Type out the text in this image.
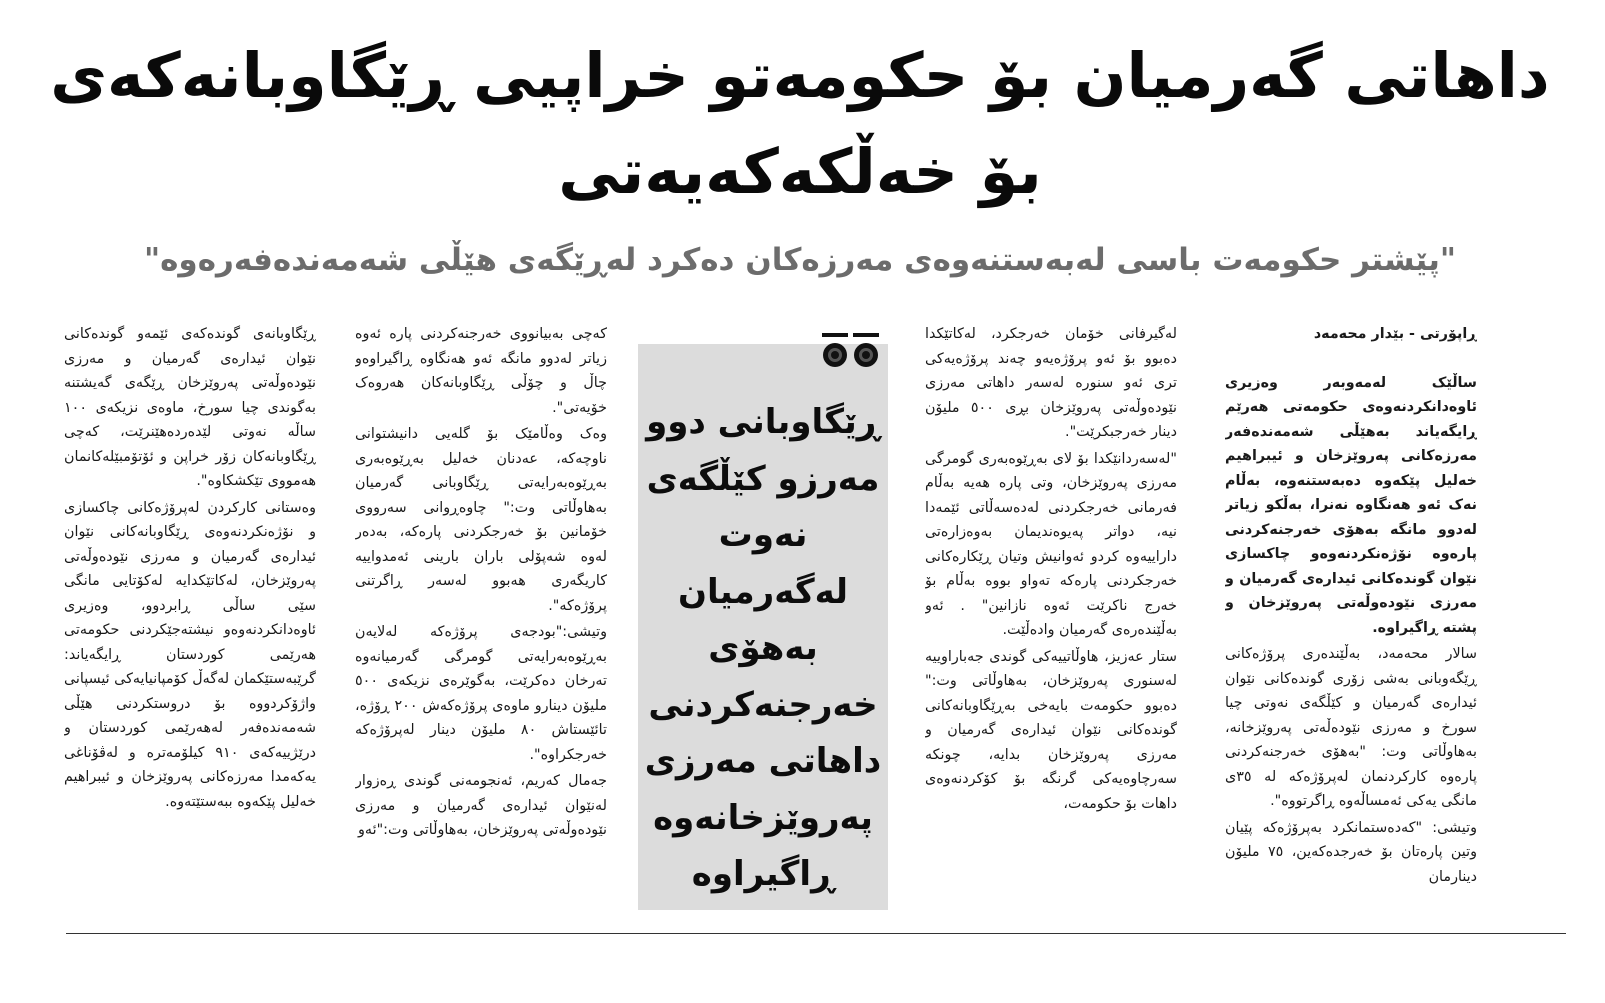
داهاتی گەرمیان بۆ حکومەتو خراپیی ڕێگاوبانەکەی بۆ خەڵکەکەیەتی
"پێشتر حکومەت باسی لەبەستنەوەی مەرزەکان دەکرد لەڕێگەی هێڵی شەمەندەفەرەوە"
ڕاپۆرتی - بێدار محەمەد

ساڵێک لەمەوبەر وەزیری ئاوەدانکردنەوەی حکومەتی هەرێم ڕایگەیاند بەهێڵی شەمەندەفەر مەرزەکانی پەروێزخان و ئیبراهیم خەلیل پێکەوە دەبەستنەوە، بەڵام نەک ئەو هەنگاوە نەنرا، بەڵکو زیاتر لەدوو مانگە بەهۆی خەرجنەکردنی پارەوە نۆژەنکردنەوەو چاکسازی نێوان گوندەکانی ئیدارەی گەرمیان و مەرزی نێودەوڵەتی پەروێزخان و پشتە ڕاگیراوە.

سالار محەمەد، بەڵێندەری پرۆژەکانی ڕێگەوبانی بەشی زۆری گوندەکانی نێوان ئیدارەی گەرمیان و کێڵگەی نەوتی چیا سورخ و مەرزی نێودەڵەتی پەروێزخانە، بەهاوڵاتی وت: "بەهۆی خەرجنەکردنی پارەوە کارکردنمان لەپرۆژەکە لە ٣٥ی مانگی یەکی ئەمساڵەوە ڕاگرتووە".

وتیشی: "کەدەستمانکرد بەپرۆژەکە پێیان وتین پارەتان بۆ خەرجدەکەین، ٧٥ ملیۆن دینارمان

لەگیرفانی خۆمان خەرجکرد، لەکاتێکدا دەبوو بۆ ئەو پرۆژەیەو چەند پرۆژەیەکی تری ئەو سنورە لەسەر داهاتی مەرزی نێودەوڵەتی پەروێزخان بڕی ٥٠٠ ملیۆن دینار خەرجبکرێت".

"لەسەردانێکدا بۆ لای بەڕێوەبەری گومرگی مەرزی پەروێزخان، وتی پارە هەیە بەڵام فەرمانی خەرجکردنی لەدەسەڵاتی ئێمەدا نیە، دواتر پەیوەندیمان بەوەزارەتی داراییەوە کردو ئەوانیش وتیان ڕێکارەکانی خەرجکردنی پارەکە تەواو بووە بەڵام بۆ خەرج ناکرێت ئەوە نازانین" . ئەو بەڵێندەرەی گەرمیان وادەڵێت.

ستار عەزیز، هاوڵاتییەکی گوندی جەباراوییە لەسنوری پەروێزخان، بەهاوڵاتی وت:" دەبوو حکومەت بایەخی بەڕێگاوبانەکانی گوندەکانی نێوان ئیدارەی گەرمیان و مەرزی پەروێزخان بدایە، چونکە سەرچاوەیەکی گرنگە بۆ کۆکردنەوەی داهات بۆ حکومەت،

ڕێگاوبانی دوو مەرزو کێڵگەی نەوت لەگەرمیان بەهۆی خەرجنەکردنی داهاتی مەرزی پەروێزخانەوە ڕاگیراوە

کەچی بەبیانووی خەرجنەکردنی پارە ئەوە زیاتر لەدوو مانگە ئەو هەنگاوە ڕاگیراوەو چاڵ و چۆڵی ڕێگاوبانەکان هەروەک خۆیەتی".

وەک وەڵامێک بۆ گلەیی دانیشتوانی ناوچەکە، عەدنان خەلیل بەڕێوەبەری بەڕێوەبەرایەتی ڕێگاوبانی گەرمیان بەهاوڵاتی وت:" چاوەڕوانی سەرووی خۆمانین بۆ خەرجکردنی پارەکە، بەدەر لەوە شەپۆلی باران بارینی ئەمدواییە کاریگەری هەبوو لەسەر ڕاگرتنی پرۆژەکە".

وتیشی:"بودجەی پرۆژەکە لەلایەن بەڕێوەبەرایەتی گومرگی گەرمیانەوە تەرخان دەکرێت، بەگوێرەی نزیکەی ٥٠٠ ملیۆن دینارو ماوەی پرۆژەکەش ٢٠٠ ڕۆژە، تائێستاش ٨٠ ملیۆن دینار لەپرۆژەکە خەرجکراوە".

جەمال کەریم، ئەنجومەنی گوندی ڕەزوار لەنێوان ئیدارەی گەرمیان و مەرزی نێودەوڵەتی پەروێزخان، بەهاوڵاتی وت:"ئەو

ڕێگاوبانەی گوندەکەی ئێمەو گوندەکانی نێوان ئیدارەی گەرمیان و مەرزی نێودەوڵەتی پەروێزخان ڕێگەی گەیشتنە بەگوندی چیا سورخ، ماوەی نزیکەی ١٠٠ ساڵە نەوتی لێدەردەهێنرێت، کەچی ڕێگاوبانەکان زۆر خراپن و ئۆتۆمبێلەکانمان هەمووی تێکشکاوە".

وەستانی کارکردن لەپرۆژەکانی چاکسازی و نۆژەنکردنەوەی ڕێگاوبانەکانی نێوان ئیدارەی گەرمیان و مەرزی نێودەوڵەتی پەروێزخان، لەکاتێکدایە لەکۆتایی مانگی سێی ساڵی ڕابردوو، وەزیری ئاوەدانکردنەوەو نیشتەجێکردنی حکومەتی هەرێمی کوردستان ڕایگەیاند: گرێبەستێکمان لەگەڵ کۆمپانیایەکی ئیسپانی واژۆکردووە بۆ دروستکردنی هێڵی شەمەندەفەر لەهەرێمی کوردستان و درێژییەکەی ٩١٠ کیلۆمەترە و لەڤۆناغی یەکەمدا مەرزەکانی پەروێزخان و ئیبراهیم خەلیل پێکەوە ببەستێتەوە.
